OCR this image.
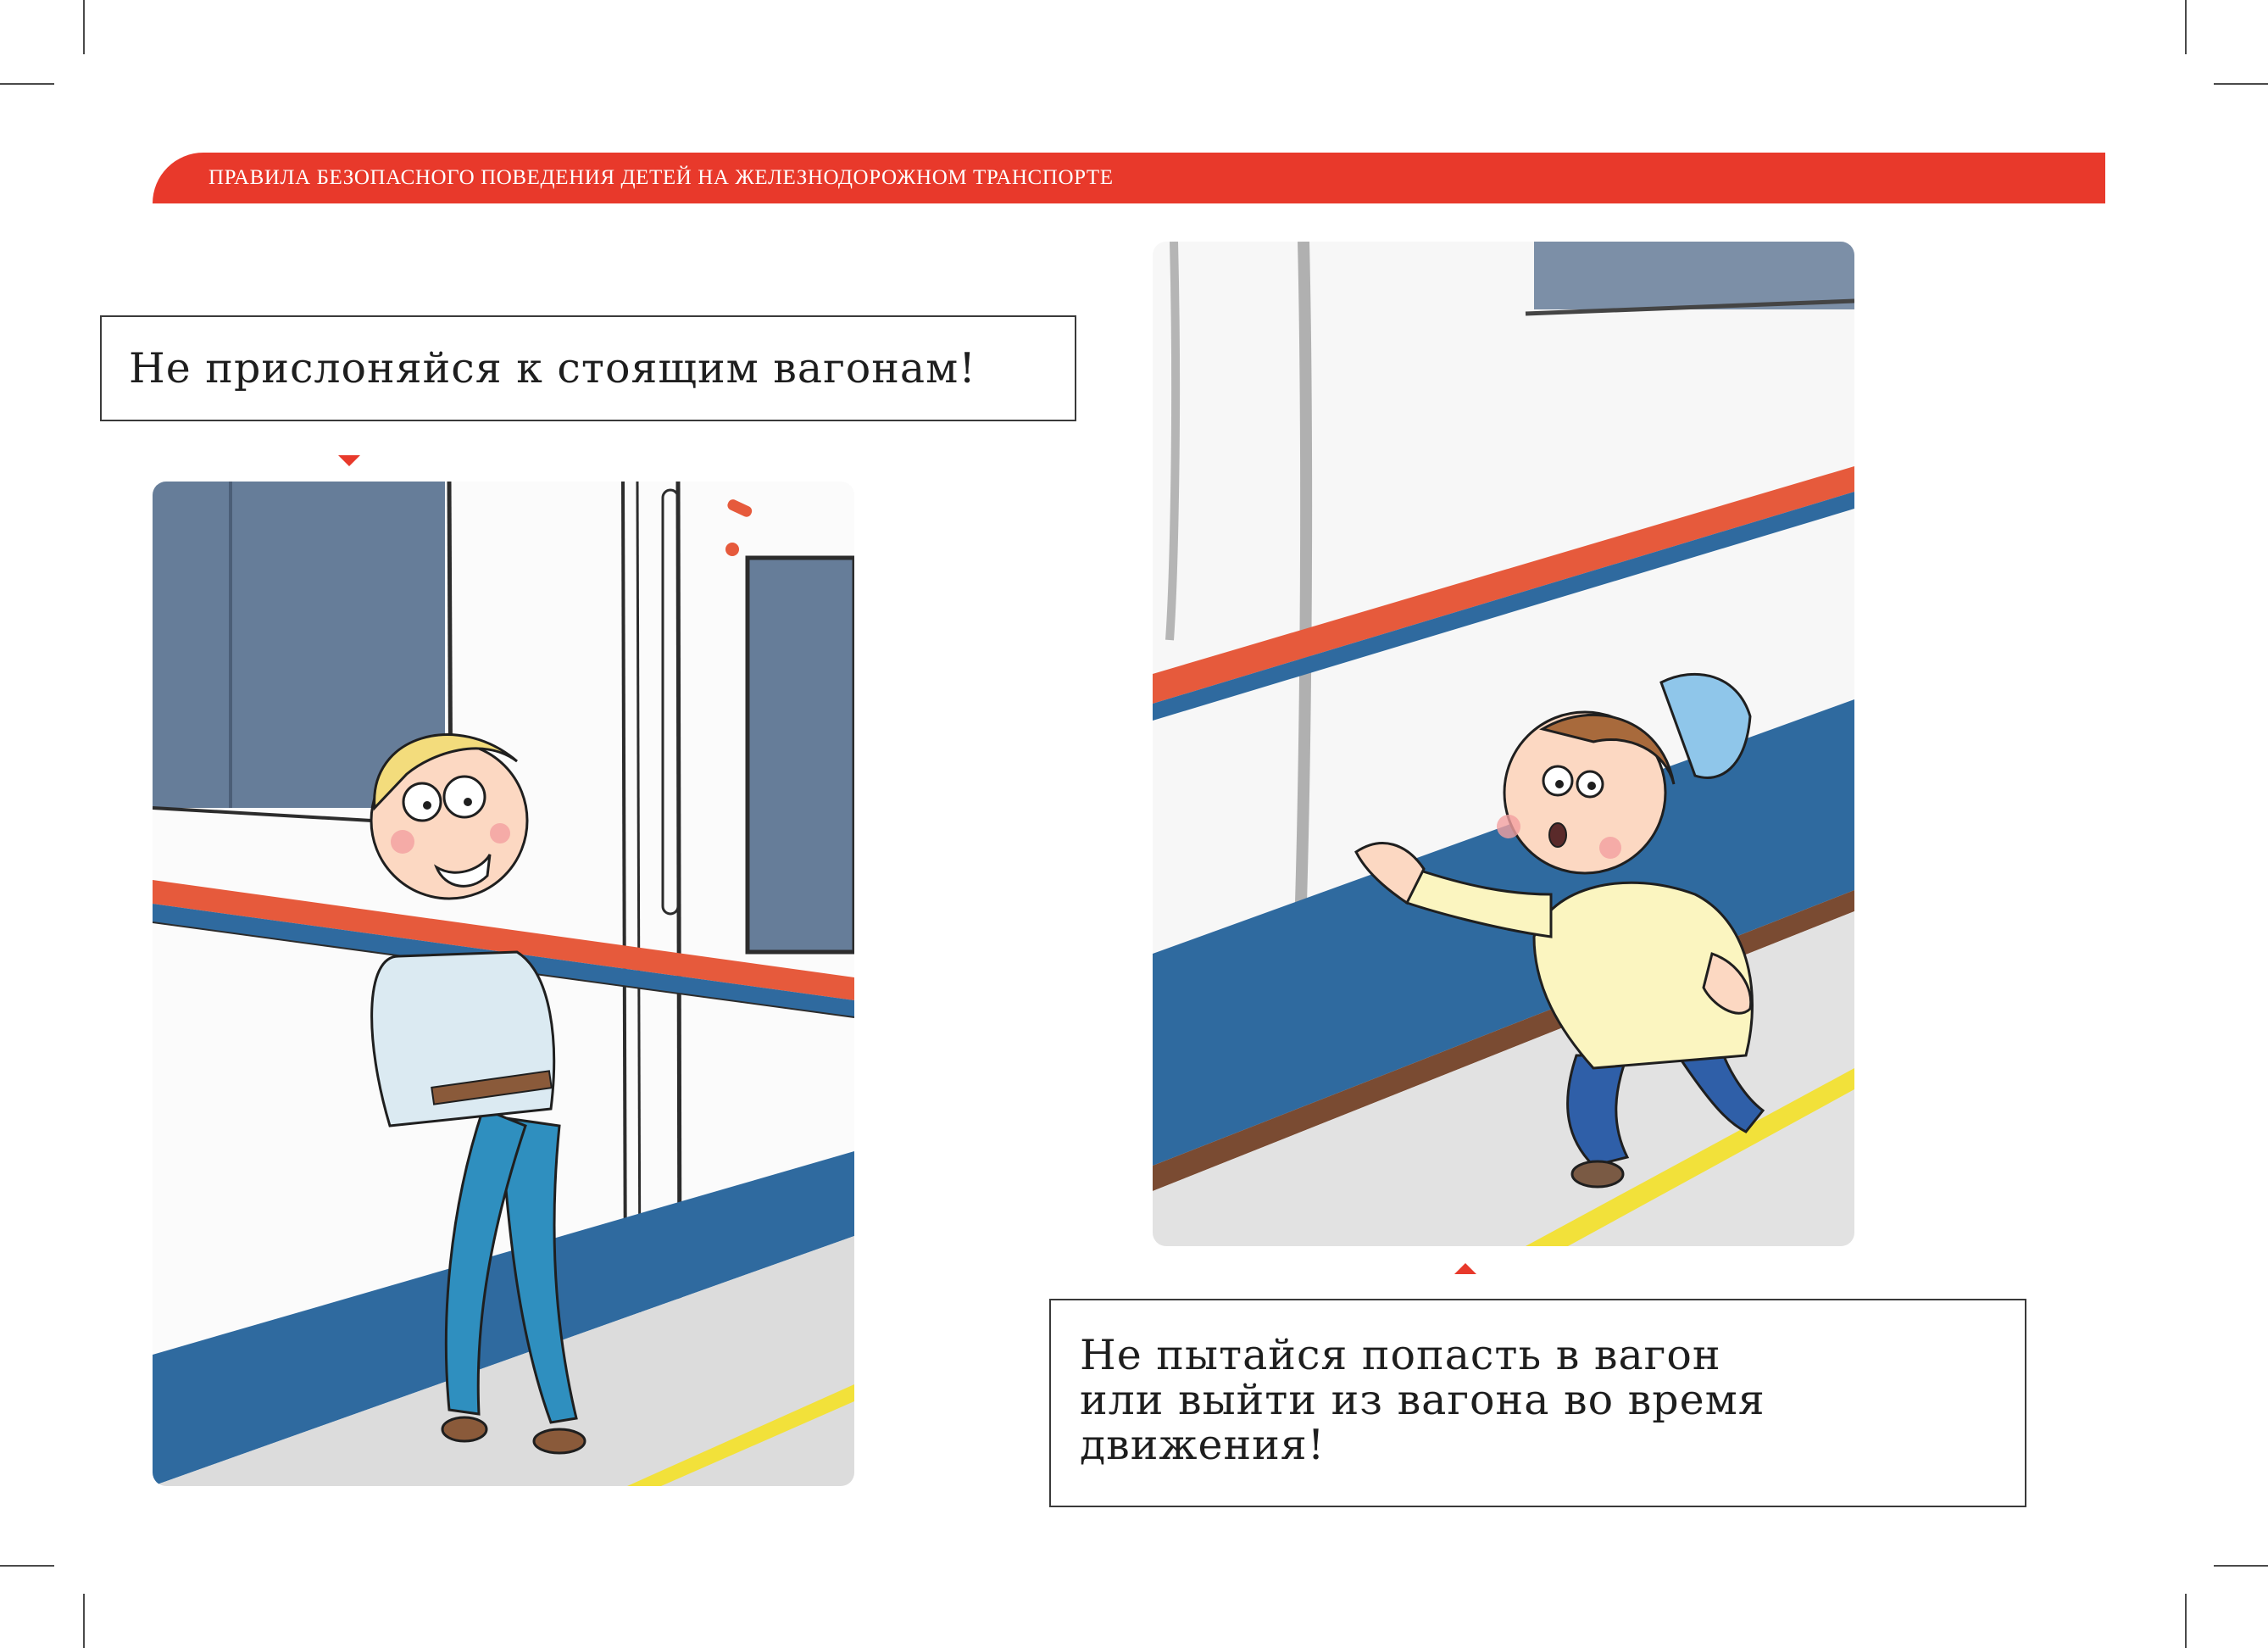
ПРАВИЛА БЕЗОПАСНОГО ПОВЕДЕНИЯ ДЕТЕЙ НА ЖЕЛЕЗНОДОРОЖНОМ ТРАНСПОРТЕ
Не прислоняйся к стоящим вагонам!
Не пытайся попасть в вагон
или выйти из вагона во время
движения!
